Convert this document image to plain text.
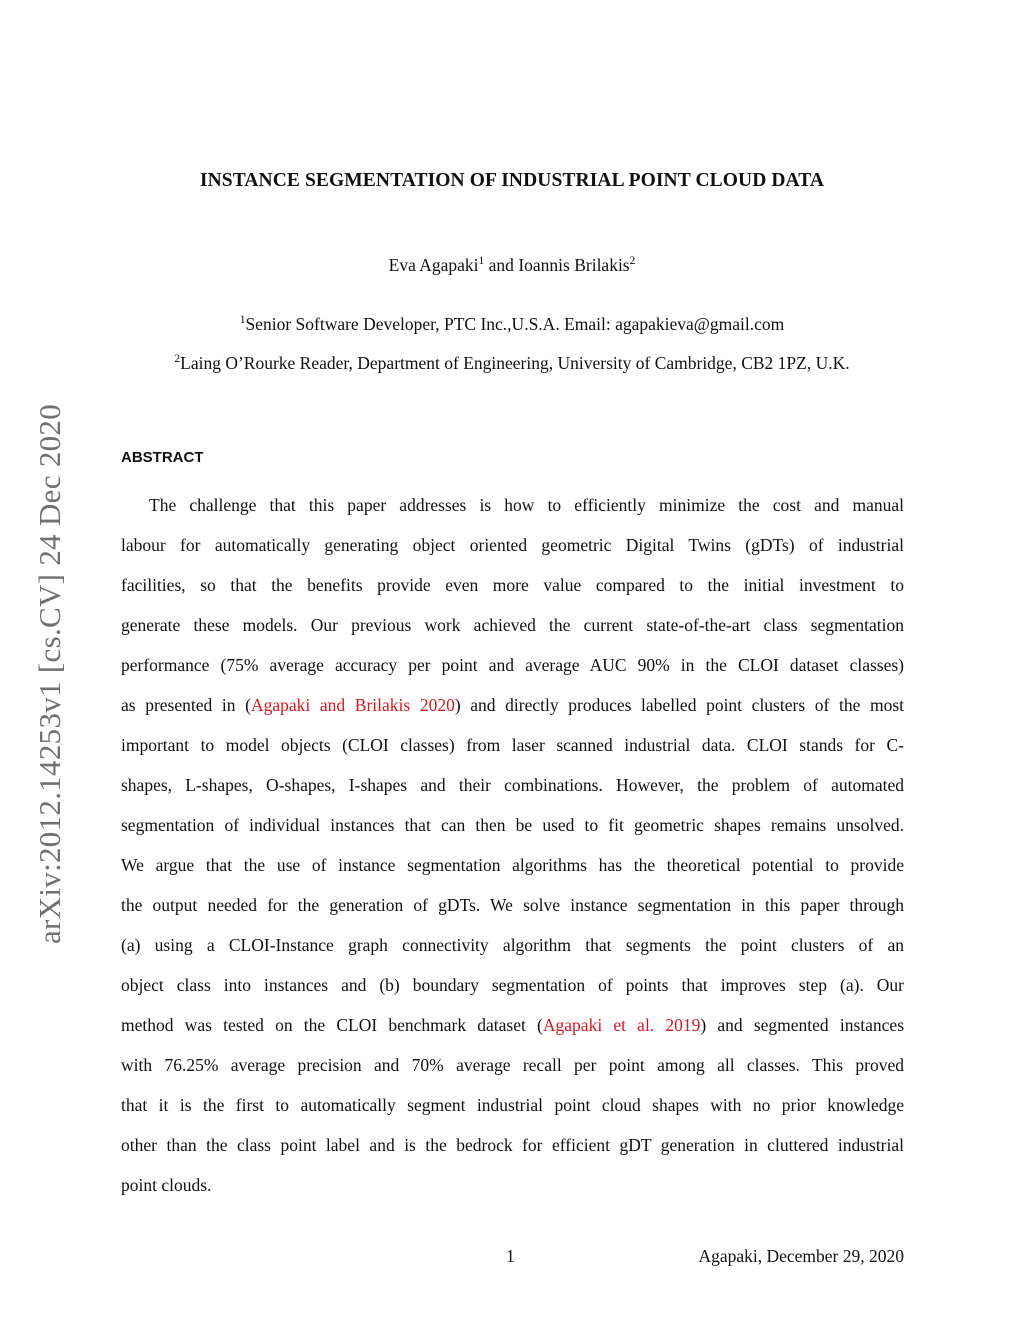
arXiv:2012.14253v1 [cs.CV] 24 Dec 2020
INSTANCE SEGMENTATION OF INDUSTRIAL POINT CLOUD DATA
Eva Agapaki$^1$ and Ioannis Brilakis$^2$
$^1$Senior Software Developer, PTC Inc.,U.S.A. Email: agapakieva@gmail.com
$^2$Laing O’Rourke Reader, Department of Engineering, University of Cambridge, CB2 1PZ, U.K.
ABSTRACT
The challenge that this paper addresses is how to efficiently minimize the cost and manual
labour for automatically generating object oriented geometric Digital Twins (gDTs) of industrial
facilities, so that the benefits provide even more value compared to the initial investment to
generate these models. Our previous work achieved the current state-of-the-art class segmentation
performance (75% average accuracy per point and average AUC 90% in the CLOI dataset classes)
as presented in (Agapaki and Brilakis 2020) and directly produces labelled point clusters of the most
important to model objects (CLOI classes) from laser scanned industrial data. CLOI stands for C-
shapes, L-shapes, O-shapes, I-shapes and their combinations. However, the problem of automated
segmentation of individual instances that can then be used to fit geometric shapes remains unsolved.
We argue that the use of instance segmentation algorithms has the theoretical potential to provide
the output needed for the generation of gDTs. We solve instance segmentation in this paper through
(a) using a CLOI-Instance graph connectivity algorithm that segments the point clusters of an
object class into instances and (b) boundary segmentation of points that improves step (a). Our
method was tested on the CLOI benchmark dataset (Agapaki et al. 2019) and segmented instances
with 76.25% average precision and 70% average recall per point among all classes. This proved
that it is the first to automatically segment industrial point cloud shapes with no prior knowledge
other than the class point label and is the bedrock for efficient gDT generation in cluttered industrial
point clouds.
1	Agapaki, December 29, 2020
